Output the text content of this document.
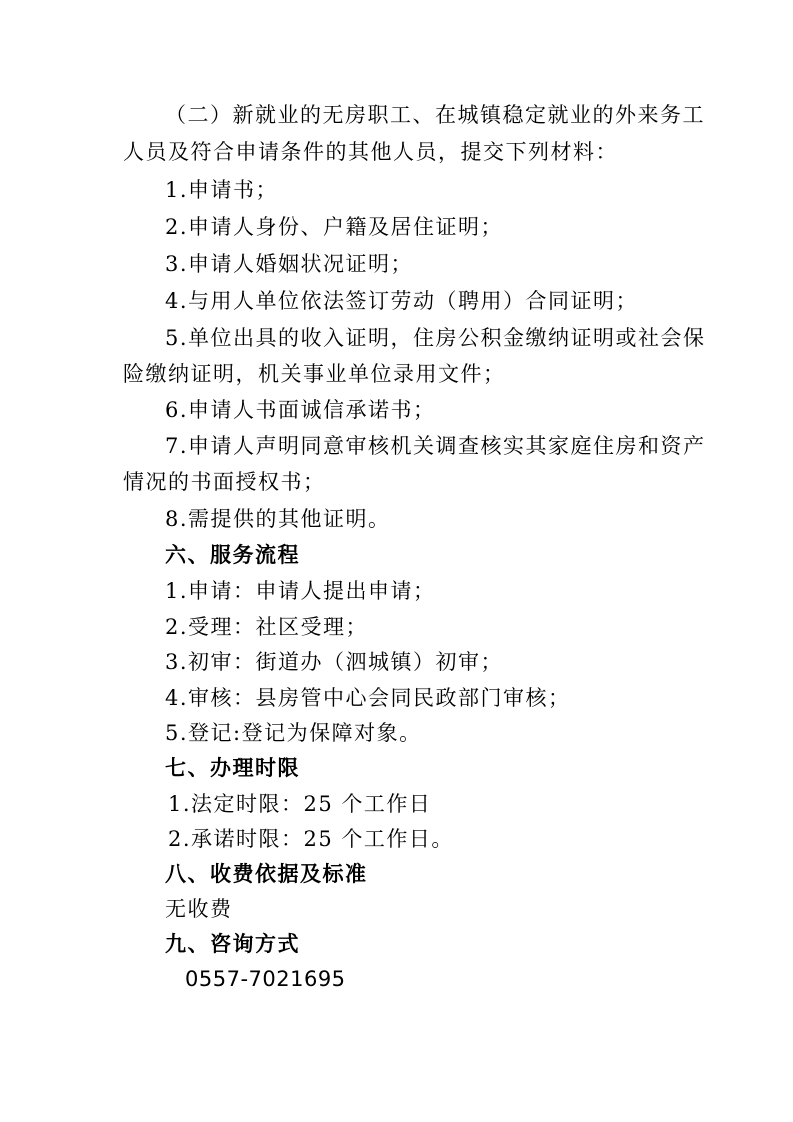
（二）新就业的无房职工、在城镇稳定就业的外来务工
人员及符合申请条件的其他人员，提交下列材料：
1.申请书；
2.申请人身份、户籍及居住证明；
3.申请人婚姻状况证明；
4.与用人单位依法签订劳动（聘用）合同证明；
5.单位出具的收入证明，住房公积金缴纳证明或社会保
险缴纳证明，机关事业单位录用文件；
6.申请人书面诚信承诺书；
7.申请人声明同意审核机关调查核实其家庭住房和资产
情况的书面授权书；
8.需提供的其他证明。
六、服务流程
1.申请：申请人提出申请；
2.受理：社区受理；
3.初审：街道办（泗城镇）初审；
4.审核：县房管中心会同民政部门审核；
5.登记:登记为保障对象。
七、办理时限
1.法定时限：25 个工作日
2.承诺时限：25 个工作日。
八、收费依据及标准
无收费
九、咨询方式
0557-7021695
